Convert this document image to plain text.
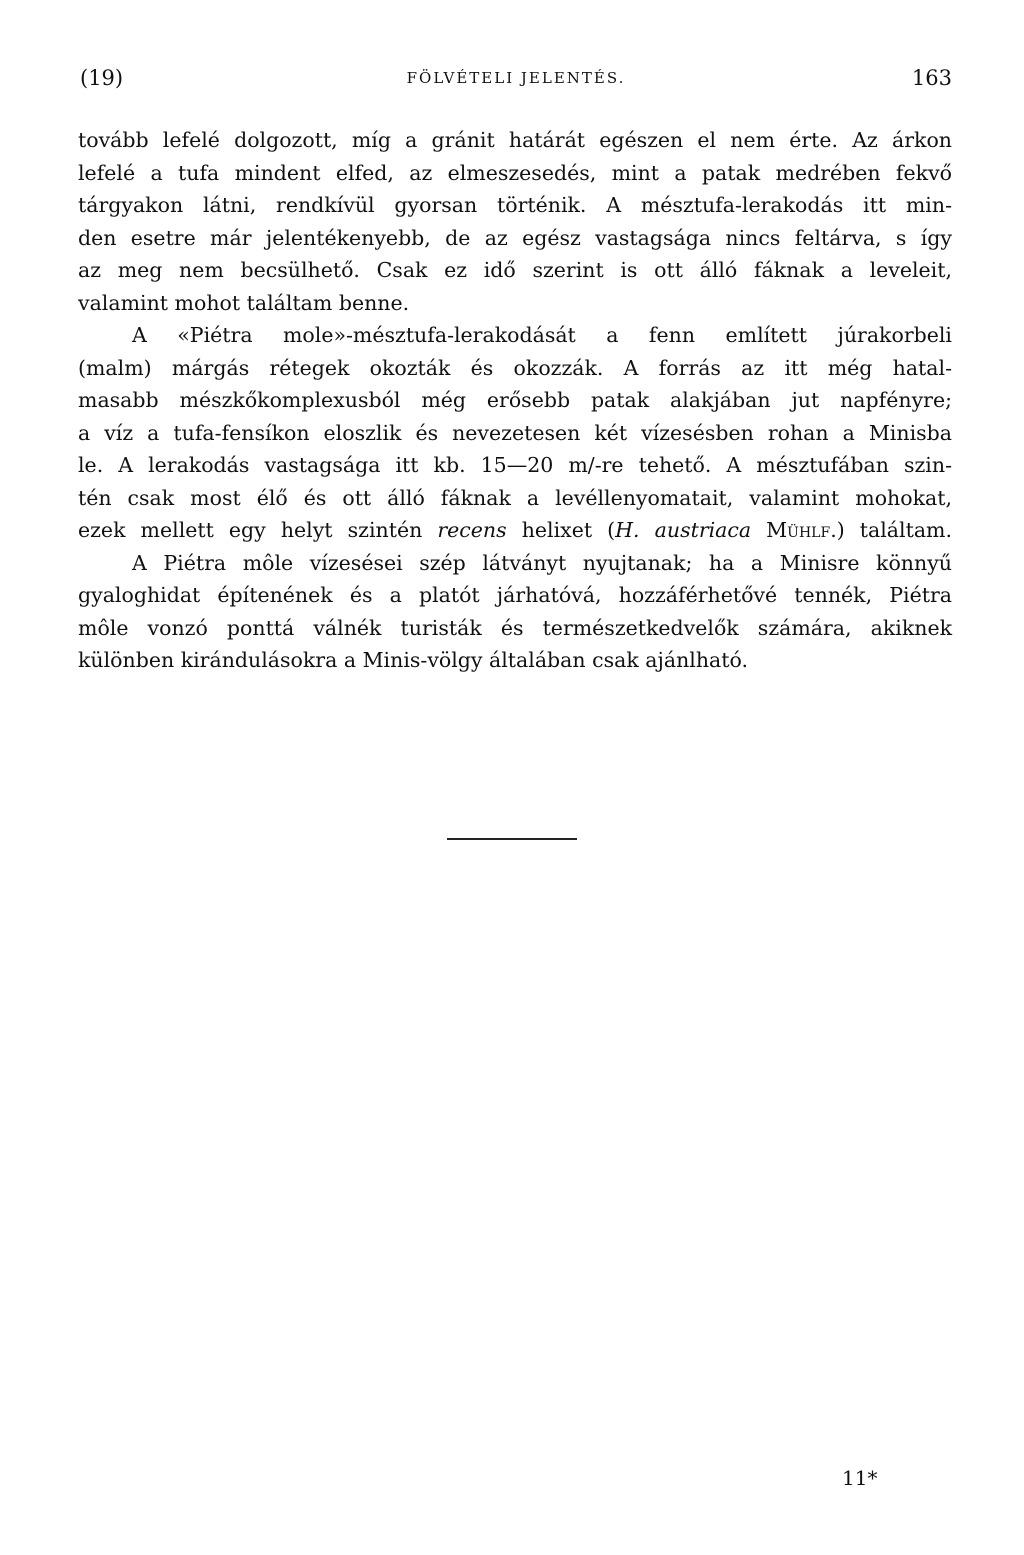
(19)	FÖLVÉTELI JELENTÉS.	163
tovább lefelé dolgozott, míg a gránit határát egészen el nem érte. Az árkon
lefelé a tufa mindent elfed, az elmeszesedés, mint a patak medrében fekvő
tárgyakon látni, rendkívül gyorsan történik. A mésztufa-lerakodás itt min-
den esetre már jelentékenyebb, de az egész vastagsága nincs feltárva, s így
az meg nem becsülhető. Csak ez idő szerint is ott álló fáknak a leveleit,
valamint mohot találtam benne.
A «Piétra mole»-mésztufa-lerakodását a fenn említett júrakorbeli
(malm) márgás rétegek okozták és okozzák. A forrás az itt még hatal-
masabb mészkőkomplexusból még erősebb patak alakjában jut napfényre;
a víz a tufa-fensíkon eloszlik és nevezetesen két vízesésben rohan a Minisba
le. A lerakodás vastagsága itt kb. 15—20 m/-re tehető. A mésztufában szin-
tén csak most élő és ott álló fáknak a levéllenyomatait, valamint mohokat,
ezek mellett egy helyt szintén recens helixet (H. austriaca Mühlf.) találtam.
A Piétra môle vízesései szép látványt nyujtanak; ha a Minisre könnyű
gyaloghidat építenének és a platót járhatóvá, hozzáférhetővé tennék, Piétra
môle vonzó ponttá válnék turisták és természetkedvelők számára, akiknek
különben kirándulásokra a Minis-völgy általában csak ajánlható.
11*
